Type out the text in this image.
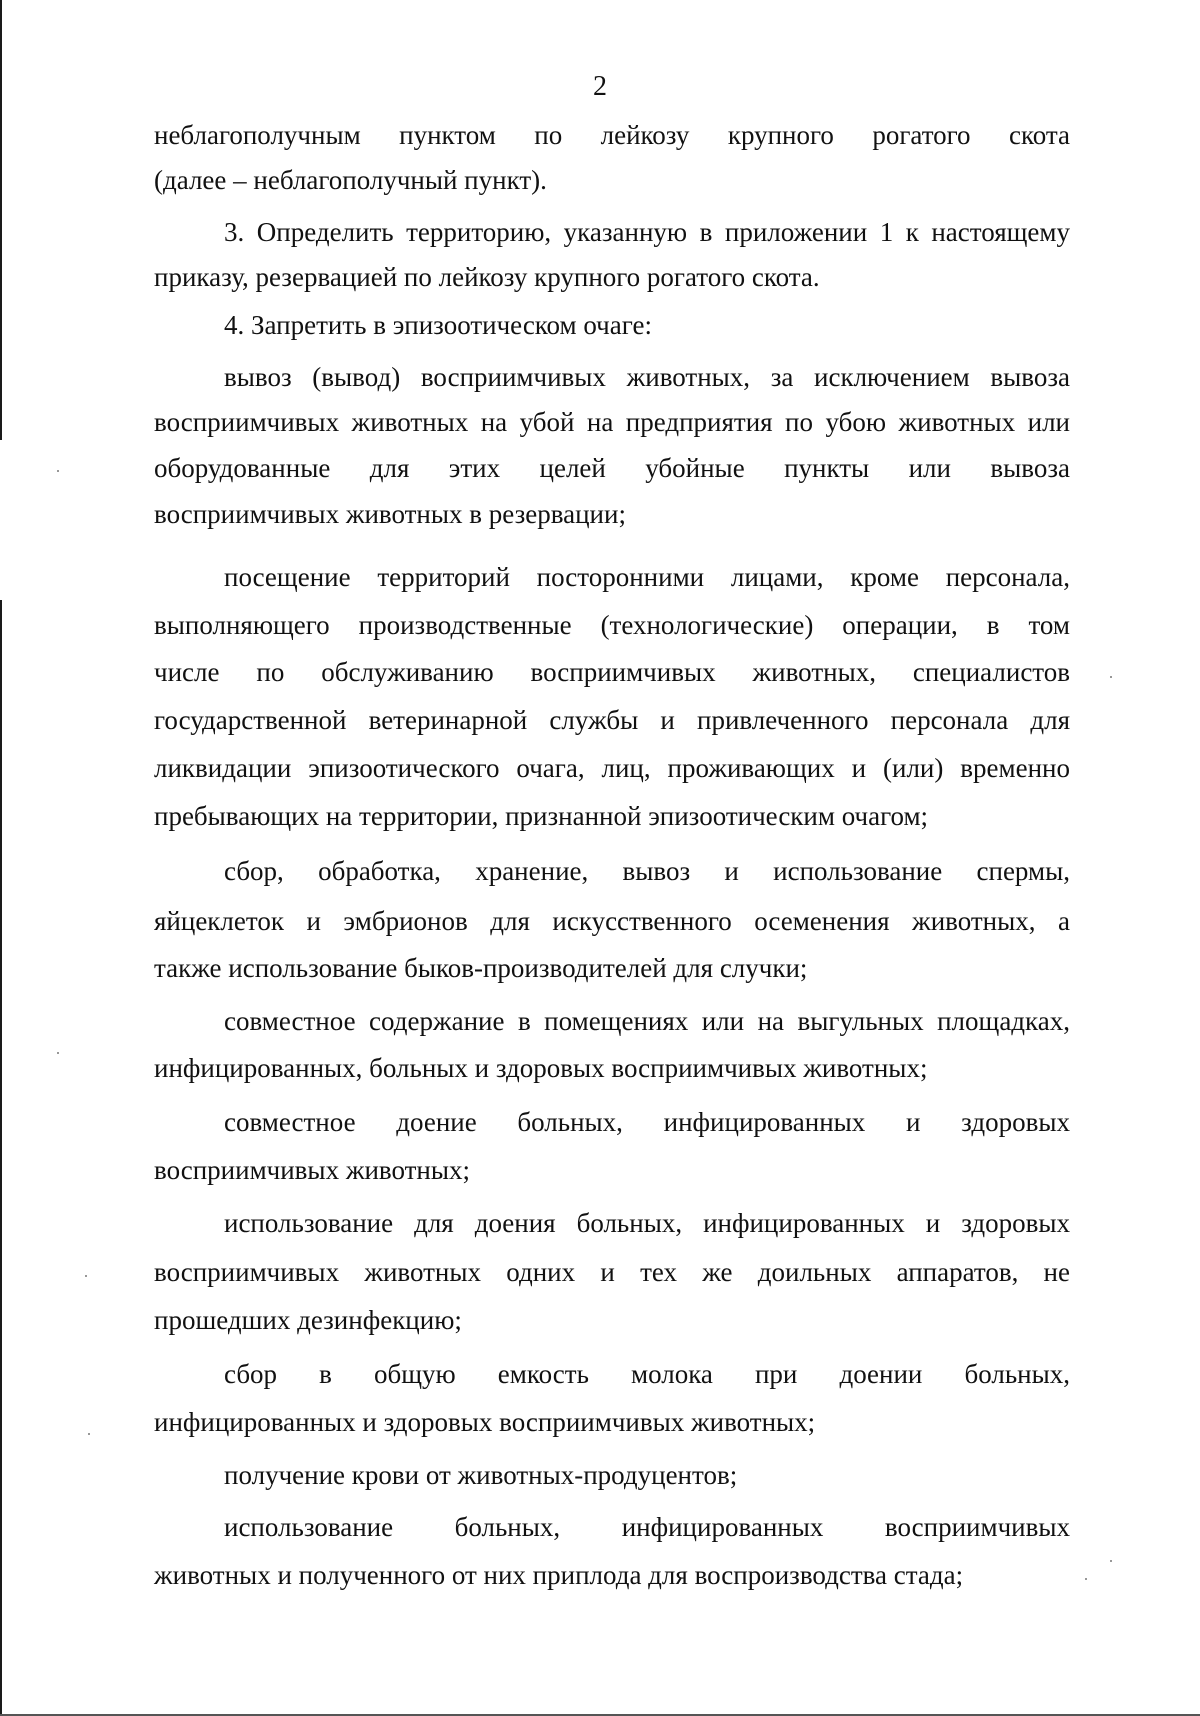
2
неблагополучным пунктом по лейкозу крупного рогатого скота
(далее – неблагополучный пункт).
3. Определить территорию, указанную в приложении 1 к настоящему
приказу, резервацией по лейкозу крупного рогатого скота.
4. Запретить в эпизоотическом очаге:
вывоз (вывод) восприимчивых животных, за исключением вывоза
восприимчивых животных на убой на предприятия по убою животных или
оборудованные для этих целей убойные пункты или вывоза
восприимчивых животных в резервации;
посещение территорий посторонними лицами, кроме персонала,
выполняющего производственные (технологические) операции, в том
числе по обслуживанию восприимчивых животных, специалистов
государственной ветеринарной службы и привлеченного персонала для
ликвидации эпизоотического очага, лиц, проживающих и (или) временно
пребывающих на территории, признанной эпизоотическим очагом;
сбор, обработка, хранение, вывоз и использование спермы,
яйцеклеток и эмбрионов для искусственного осеменения животных, а
также использование быков-производителей для случки;
совместное содержание в помещениях или на выгульных площадках,
инфицированных, больных и здоровых восприимчивых животных;
совместное доение больных, инфицированных и здоровых
восприимчивых животных;
использование для доения больных, инфицированных и здоровых
восприимчивых животных одних и тех же доильных аппаратов, не
прошедших дезинфекцию;
сбор в общую емкость молока при доении больных,
инфицированных и здоровых восприимчивых животных;
получение крови от животных-продуцентов;
использование больных, инфицированных восприимчивых
животных и полученного от них приплода для воспроизводства стада;
